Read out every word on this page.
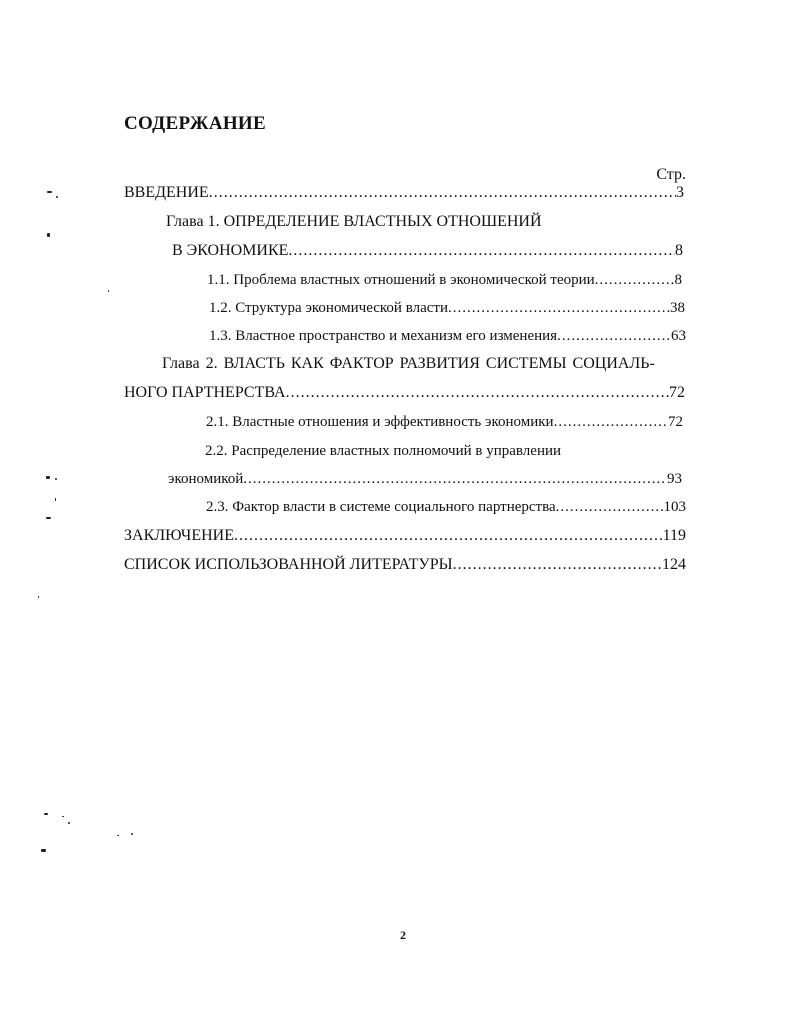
СОДЕРЖАНИЕ
Стр.
ВВЕДЕНИЕ .....	3
Глава 1. ОПРЕДЕЛЕНИЕ ВЛАСТНЫХ ОТНОШЕНИЙ
В ЭКОНОМИКЕ .....	8
1.1. Проблема властных отношений в экономической теории .....	8
1.2. Структура экономической власти .....	38
1.3. Властное пространство и механизм его изменения .....	63
Глава 2. ВЛАСТЬ КАК ФАКТОР РАЗВИТИЯ СИСТЕМЫ СОЦИАЛЬ-
НОГО ПАРТНЕРСТВА .....	72
2.1. Властные отношения и эффективность экономики .....	72
2.2. Распределение властных полномочий в управлении
экономикой .....	93
2.3. Фактор власти в системе социального партнерства .....	103
ЗАКЛЮЧЕНИЕ .....	119
СПИСОК ИСПОЛЬЗОВАННОЙ ЛИТЕРАТУРЫ .....	124
2
